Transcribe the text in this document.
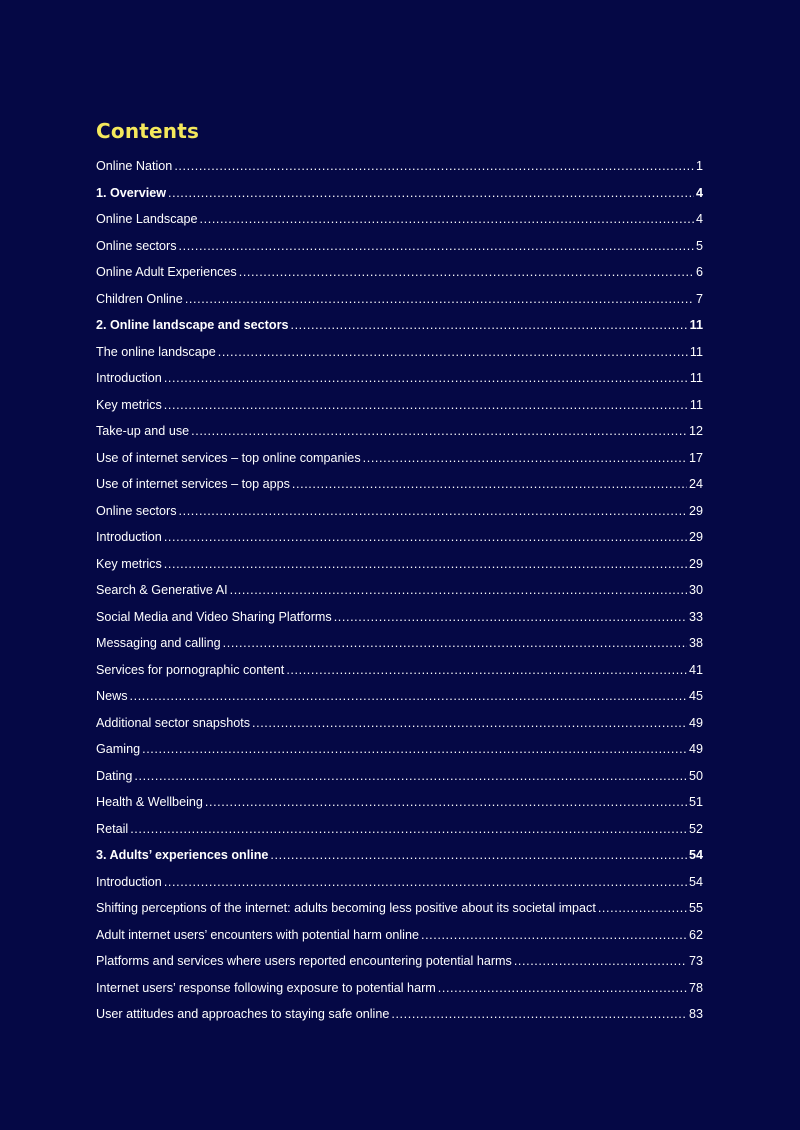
Contents
Online Nation .....	1
1. Overview .....	4
Online Landscape .....	4
Online sectors .....	5
Online Adult Experiences .....	6
Children Online .....	7
2. Online landscape and sectors .....	11
The online landscape .....	11
Introduction .....	11
Key metrics .....	11
Take-up and use .....	12
Use of internet services – top online companies .....	17
Use of internet services – top apps .....	24
Online sectors .....	29
Introduction .....	29
Key metrics .....	29
Search & Generative AI .....	30
Social Media and Video Sharing Platforms .....	33
Messaging and calling .....	38
Services for pornographic content .....	41
News .....	45
Additional sector snapshots .....	49
Gaming .....	49
Dating .....	50
Health & Wellbeing .....	51
Retail .....	52
3. Adults’ experiences online .....	54
Introduction .....	54
Shifting perceptions of the internet: adults becoming less positive about its societal impact .....	55
Adult internet users’ encounters with potential harm online .....	62
Platforms and services where users reported encountering potential harms .....	73
Internet users’ response following exposure to potential harm .....	78
User attitudes and approaches to staying safe online .....	83
